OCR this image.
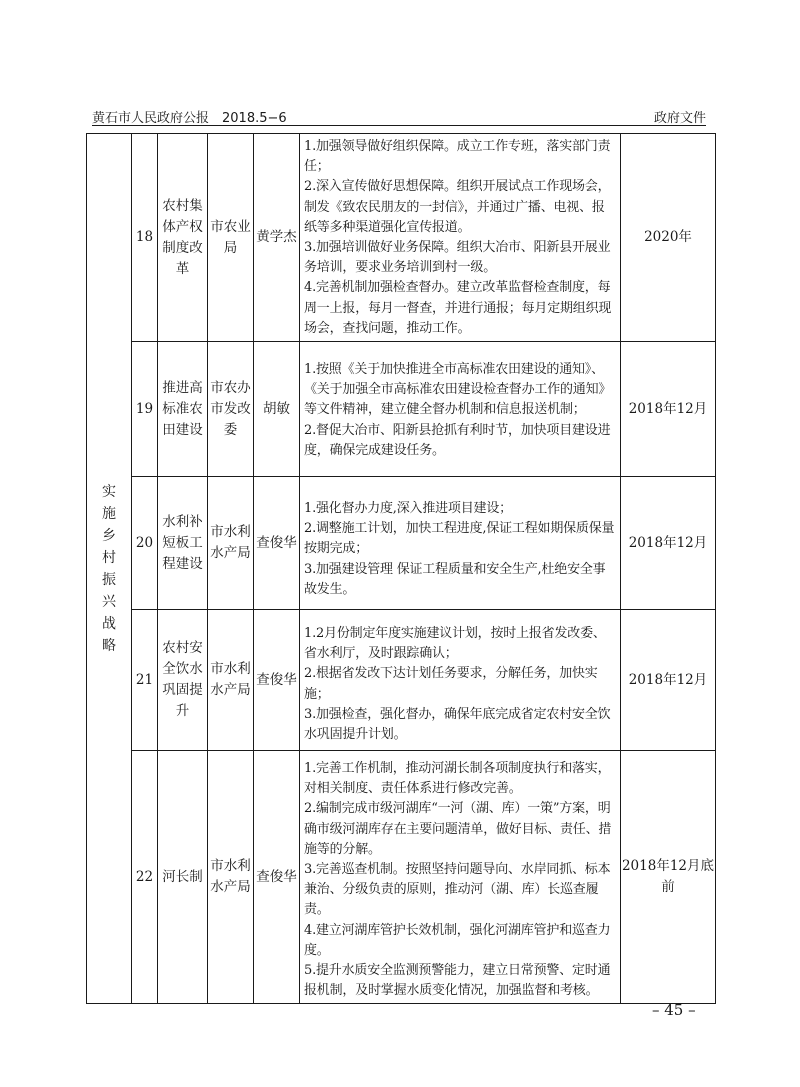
黄石市人民政府公报　2018.5−6	政府文件
实施乡村振兴战略	18	农村集体产权制度改革	市农业局	黄学杰	1.加强领导做好组织保障。成立工作专班，落实部门责任；
2.深入宣传做好思想保障。组织开展试点工作现场会，制发《致农民朋友的一封信》，并通过广播、电视、报纸等多种渠道强化宣传报道。
3.加强培训做好业务保障。组织大冶市、阳新县开展业务培训，要求业务培训到村一级。
4.完善机制加强检查督办。建立改革监督检查制度，每周一上报，每月一督查，并进行通报；每月定期组织现场会，查找问题，推动工作。	2020年
	19	推进高标准农田建设	市农办市发改委	胡敏	1.按照《关于加快推进全市高标准农田建设的通知》、《关于加强全市高标准农田建设检查督办工作的通知》等文件精神，建立健全督办机制和信息报送机制；
2.督促大冶市、阳新县抢抓有利时节，加快项目建设进度，确保完成建设任务。	2018年12月
	20	水利补短板工程建设	市水利水产局	查俊华	1.强化督办力度,深入推进项目建设；
2.调整施工计划，加快工程进度,保证工程如期保质保量按期完成；
3.加强建设管理 保证工程质量和安全生产,杜绝安全事故发生。	2018年12月
	21	农村安全饮水巩固提升	市水利水产局	查俊华	1.2月份制定年度实施建议计划，按时上报省发改委、省水利厅，及时跟踪确认；
2.根据省发改下达计划任务要求，分解任务，加快实施；
3.加强检查，强化督办，确保年底完成省定农村安全饮水巩固提升计划。	2018年12月
	22	河长制	市水利水产局	查俊华	1.完善工作机制，推动河湖长制各项制度执行和落实，对相关制度、责任体系进行修改完善。
2.编制完成市级河湖库“一河（湖、库）一策”方案，明确市级河湖库存在主要问题清单，做好目标、责任、措施等的分解。
3.完善巡查机制。按照坚持问题导向、水岸同抓、标本兼治、分级负责的原则，推动河（湖、库）长巡查履责。
4.建立河湖库管护长效机制，强化河湖库管护和巡查力度。
5.提升水质安全监测预警能力，建立日常预警、定时通报机制，及时掌握水质变化情况，加强监督和考核。	2018年12月底前
– 45 –
